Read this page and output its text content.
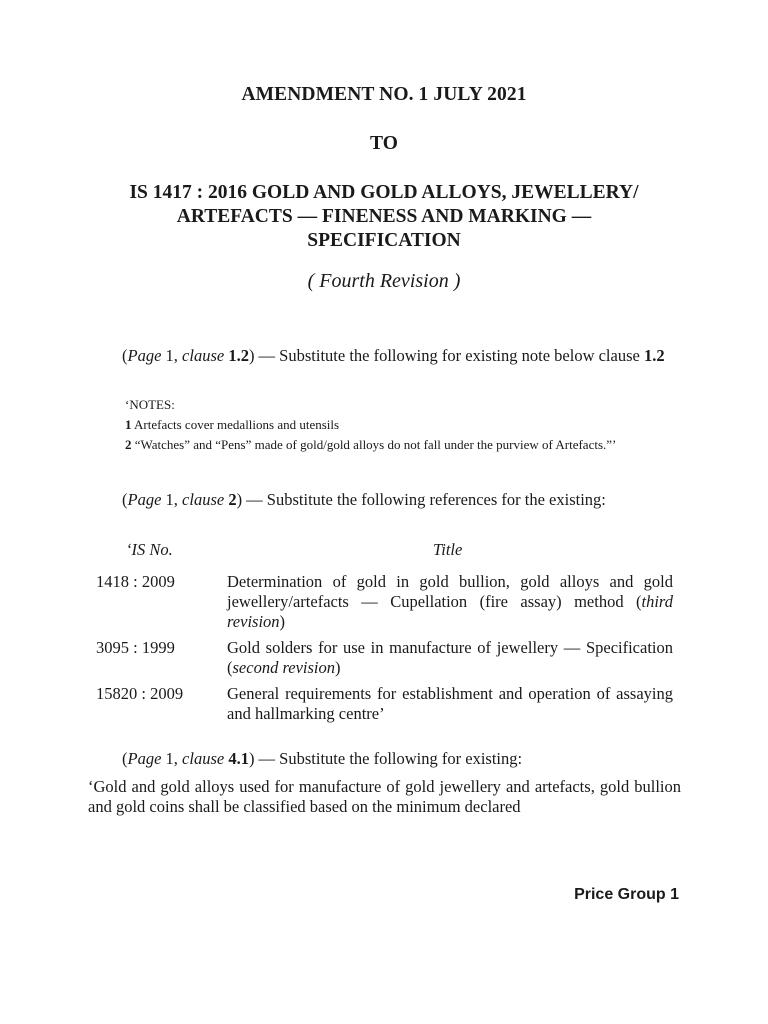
AMENDMENT NO. 1 JULY 2021
TO
IS 1417 : 2016 GOLD AND GOLD ALLOYS, JEWELLERY/
ARTEFACTS — FINENESS AND MARKING —
SPECIFICATION
( Fourth Revision )
(Page 1, clause 1.2) — Substitute the following for existing note below clause 1.2
‘NOTES:
1 Artefacts cover medallions and utensils
2 “Watches” and “Pens” made of gold/gold alloys do not fall under the purview of Artefacts.”’
(Page 1, clause 2) — Substitute the following references for the existing:
‘IS No.	Title
1418 : 2009	Determination of gold in gold bullion, gold alloys and gold jewellery/artefacts — Cupellation (fire assay) method (third revision)
3095 : 1999	Gold solders for use in manufacture of jewellery — Specification (second revision)
15820 : 2009	General requirements for establishment and operation of assaying and hallmarking centre’
(Page 1, clause 4.1) — Substitute the following for existing:
‘Gold and gold alloys used for manufacture of gold jewellery and artefacts, gold bullion and gold coins shall be classified based on the minimum declared
Price Group 1
